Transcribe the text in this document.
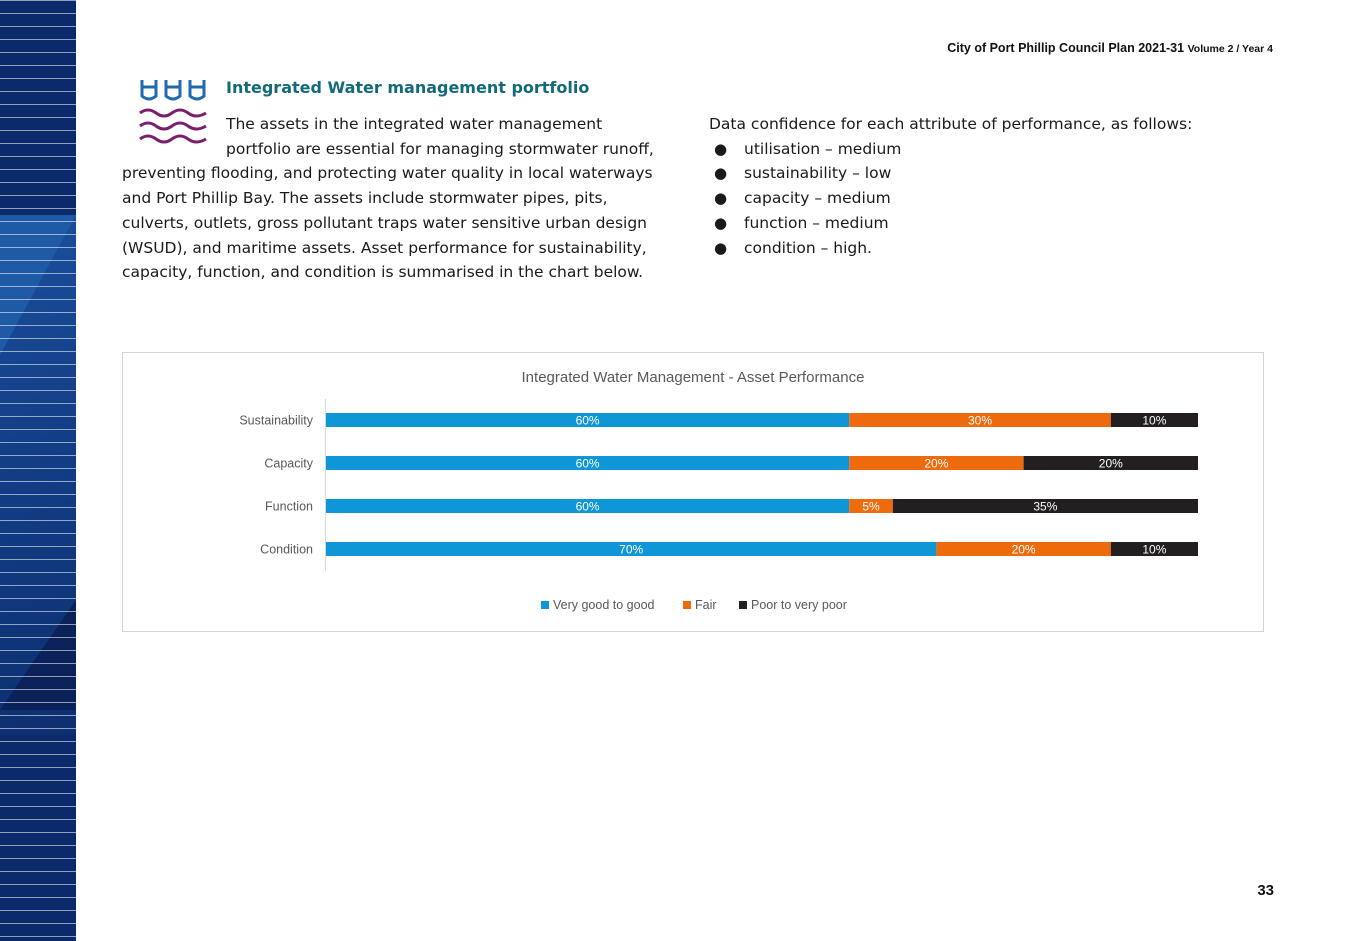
City of Port Phillip Council Plan 2021-31 Volume 2 / Year 4
Integrated Water management portfolio
The assets in the integrated water management
portfolio are essential for managing stormwater runoff,
preventing flooding, and protecting water quality in local waterways
and Port Phillip Bay. The assets include stormwater pipes, pits,
culverts, outlets, gross pollutant traps water sensitive urban design
(WSUD), and maritime assets. Asset performance for sustainability,
capacity, function, and condition is summarised in the chart below.
Data confidence for each attribute of performance, as follows:
● utilisation – medium
● sustainability – low
● capacity – medium
● function – medium
● condition – high.
Integrated Water Management - Asset Performance
Sustainability	60%	30%	10%
Capacity	60%	20%	20%
Function	60%	5%	35%
Condition	70%	20%	10%
Very good to good	Fair	Poor to very poor
33
